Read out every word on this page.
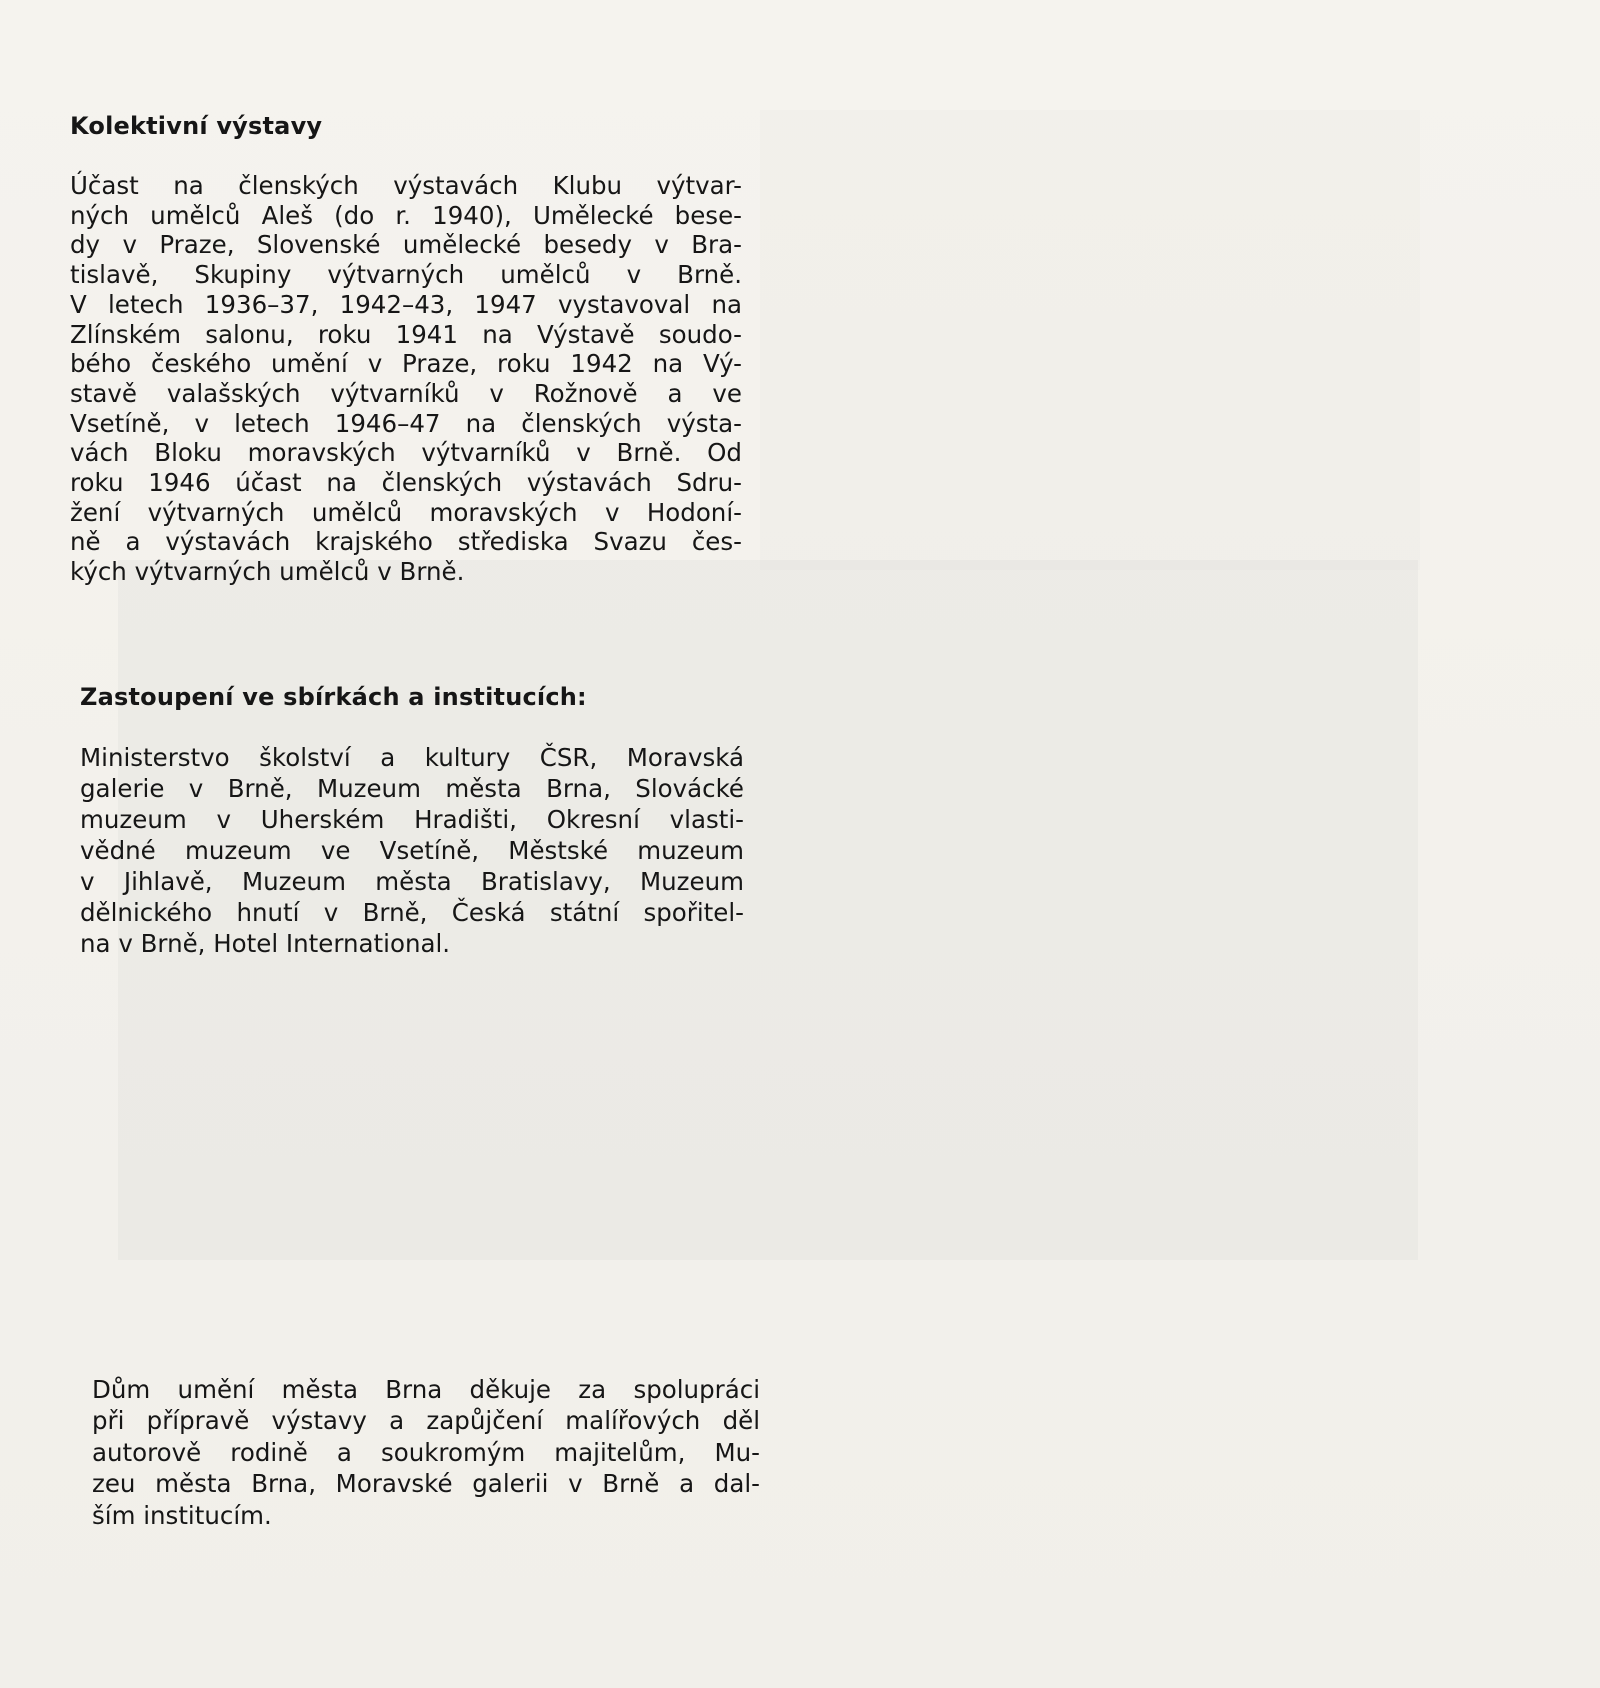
Kolektivní výstavy

Účast na členských výstavách Klubu výtvar-
ných umělců Aleš (do r. 1940), Umělecké bese-
dy v Praze, Slovenské umělecké besedy v Bra-
tislavě, Skupiny výtvarných umělců v Brně.
V letech 1936–37, 1942–43, 1947 vystavoval na
Zlínském salonu, roku 1941 na Výstavě soudo-
bého českého umění v Praze, roku 1942 na Vý-
stavě valašských výtvarníků v Rožnově a ve
Vsetíně, v letech 1946–47 na členských výsta-
vách Bloku moravských výtvarníků v Brně. Od
roku 1946 účast na členských výstavách Sdru-
žení výtvarných umělců moravských v Hodoní-
ně a výstavách krajského střediska Svazu čes-
kých výtvarných umělců v Brně.

Zastoupení ve sbírkách a institucích:

Ministerstvo školství a kultury ČSR, Moravská
galerie v Brně, Muzeum města Brna, Slovácké
muzeum v Uherském Hradišti, Okresní vlasti-
vědné muzeum ve Vsetíně, Městské muzeum
v Jihlavě, Muzeum města Bratislavy, Muzeum
dělnického hnutí v Brně, Česká státní spořitel-
na v Brně, Hotel International.

Dům umění města Brna děkuje za spolupráci
při přípravě výstavy a zapůjčení malířových děl
autorově rodině a soukromým majitelům, Mu-
zeu města Brna, Moravské galerii v Brně a dal-
ším institucím.
